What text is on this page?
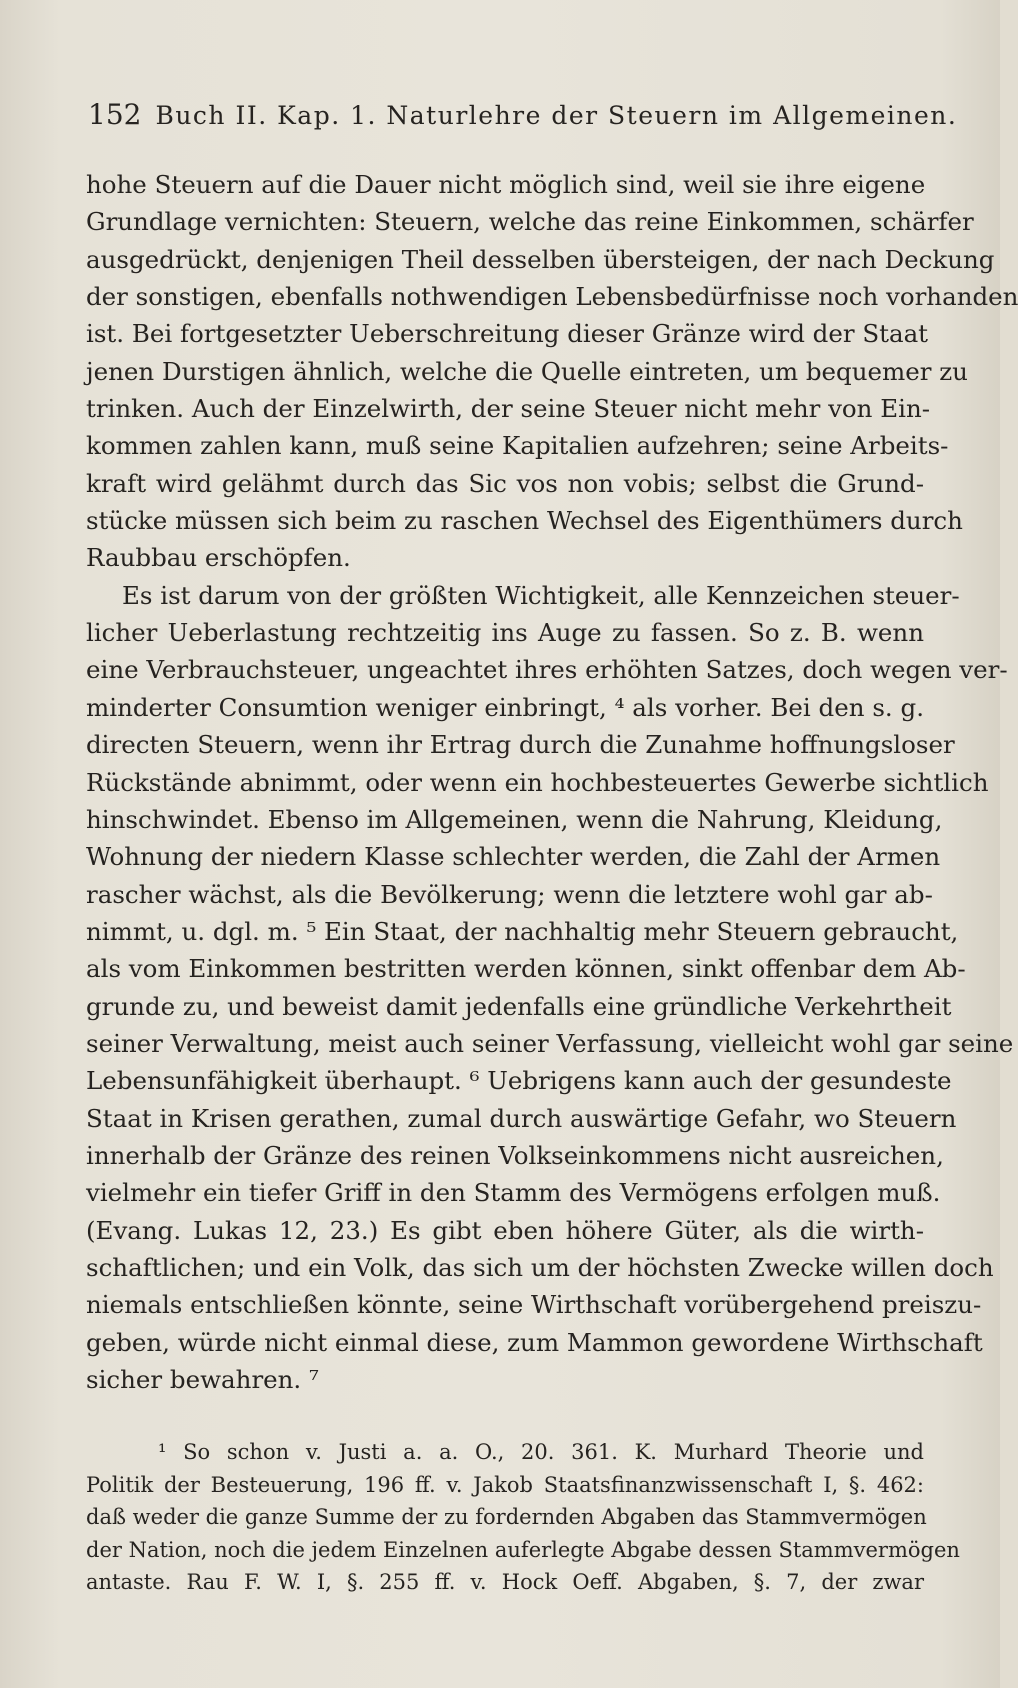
152 Buch II. Kap. 1. Naturlehre der Steuern im Allgemeinen.
hohe Steuern auf die Dauer nicht möglich sind, weil sie ihre eigene
Grundlage vernichten: Steuern, welche das reine Einkommen, schärfer
ausgedrückt, denjenigen Theil desselben übersteigen, der nach Deckung
der sonstigen, ebenfalls nothwendigen Lebensbedürfnisse noch vorhanden
ist. Bei fortgesetzter Ueberschreitung dieser Gränze wird der Staat
jenen Durstigen ähnlich, welche die Quelle eintreten, um bequemer zu
trinken. Auch der Einzelwirth, der seine Steuer nicht mehr von Ein-
kommen zahlen kann, muß seine Kapitalien aufzehren; seine Arbeits-
kraft wird gelähmt durch das Sic vos non vobis; selbst die Grund-
stücke müssen sich beim zu raschen Wechsel des Eigenthümers durch
Raubbau erschöpfen.
Es ist darum von der größten Wichtigkeit, alle Kennzeichen steuer-
licher Ueberlastung rechtzeitig ins Auge zu fassen. So z. B. wenn
eine Verbrauchsteuer, ungeachtet ihres erhöhten Satzes, doch wegen ver-
minderter Consumtion weniger einbringt, ⁴ als vorher. Bei den s. g.
directen Steuern, wenn ihr Ertrag durch die Zunahme hoffnungsloser
Rückstände abnimmt, oder wenn ein hochbesteuertes Gewerbe sichtlich
hinschwindet. Ebenso im Allgemeinen, wenn die Nahrung, Kleidung,
Wohnung der niedern Klasse schlechter werden, die Zahl der Armen
rascher wächst, als die Bevölkerung; wenn die letztere wohl gar ab-
nimmt, u. dgl. m. ⁵ Ein Staat, der nachhaltig mehr Steuern gebraucht,
als vom Einkommen bestritten werden können, sinkt offenbar dem Ab-
grunde zu, und beweist damit jedenfalls eine gründliche Verkehrtheit
seiner Verwaltung, meist auch seiner Verfassung, vielleicht wohl gar seine
Lebensunfähigkeit überhaupt. ⁶ Uebrigens kann auch der gesundeste
Staat in Krisen gerathen, zumal durch auswärtige Gefahr, wo Steuern
innerhalb der Gränze des reinen Volkseinkommens nicht ausreichen,
vielmehr ein tiefer Griff in den Stamm des Vermögens erfolgen muß.
(Evang. Lukas 12, 23.) Es gibt eben höhere Güter, als die wirth-
schaftlichen; und ein Volk, das sich um der höchsten Zwecke willen doch
niemals entschließen könnte, seine Wirthschaft vorübergehend preiszu-
geben, würde nicht einmal diese, zum Mammon gewordene Wirthschaft
sicher bewahren. ⁷
¹ So schon v. Justi a. a. O., 20. 361. K. Murhard Theorie und
Politik der Besteuerung, 196 ff. v. Jakob Staatsfinanzwissenschaft I, §. 462:
daß weder die ganze Summe der zu fordernden Abgaben das Stammvermögen
der Nation, noch die jedem Einzelnen auferlegte Abgabe dessen Stammvermögen
antaste. Rau F. W. I, §. 255 ff. v. Hock Oeff. Abgaben, §. 7, der zwar
